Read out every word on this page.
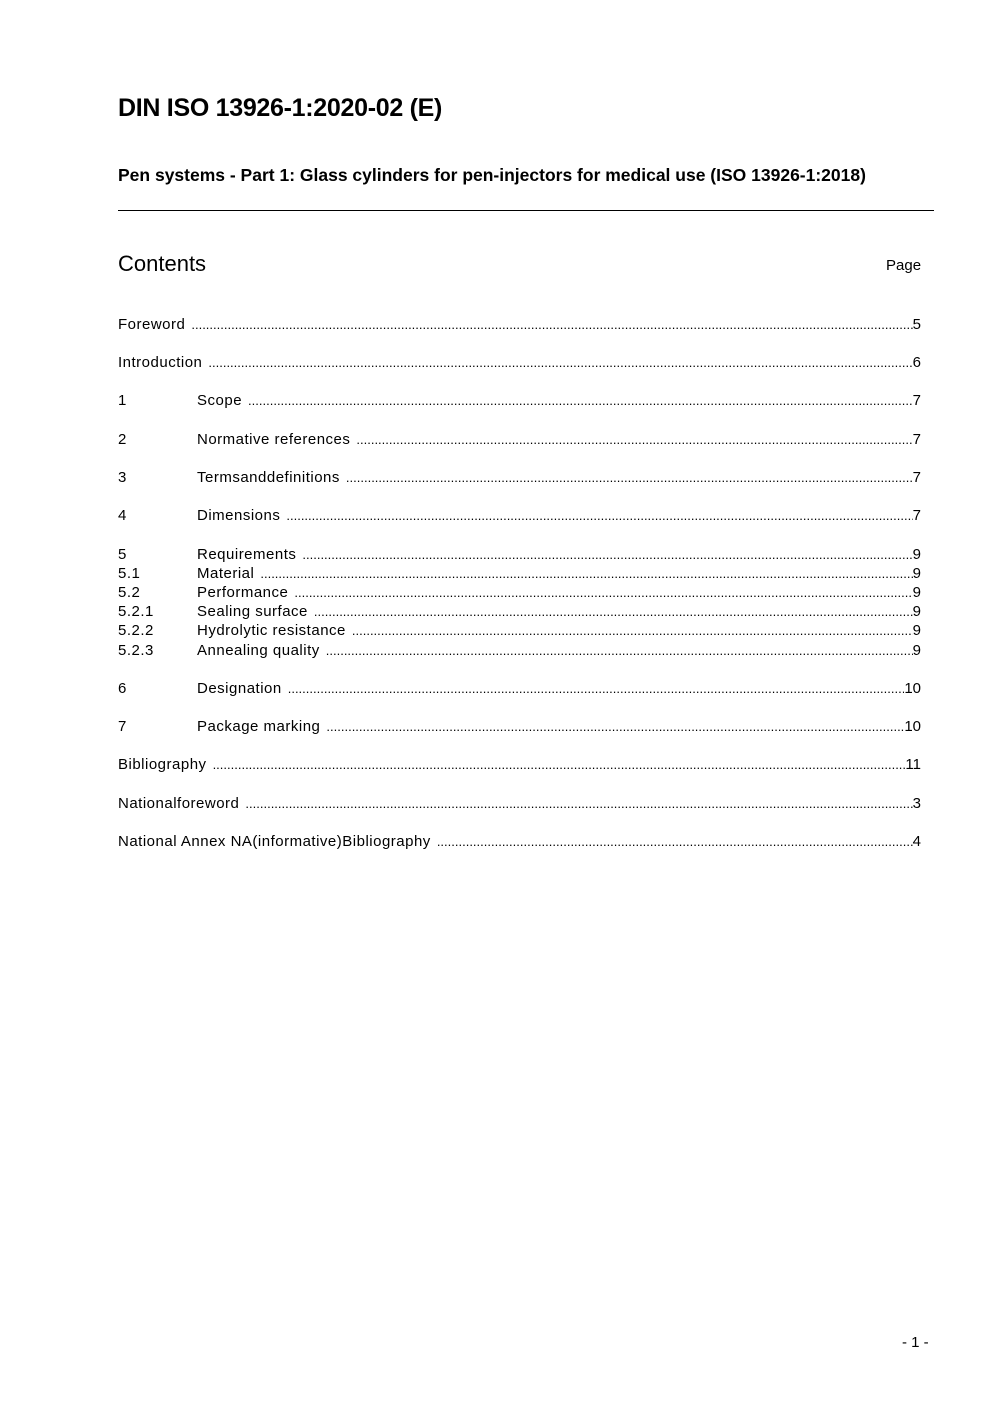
DIN ISO 13926-1:2020-02 (E)
Pen systems - Part 1: Glass cylinders for pen-injectors for medical use (ISO 13926-1:2018)
Contents	Page
Foreword .....	5
Introduction .....	6
1	Scope .....	7
2	Normative references .....	7
3	Termsanddefinitions .....	7
4	Dimensions .....	7
5	Requirements .....	9
5.1	Material .....	9
5.2	Performance .....	9
5.2.1	Sealing surface .....	9
5.2.2	Hydrolytic resistance .....	9
5.2.3	Annealing quality .....	9
6	Designation .....	10
7	Package marking .....	10
Bibliography .....	11
Nationalforeword .....	3
National Annex NA(informative)Bibliography .....	4
- 1 -
